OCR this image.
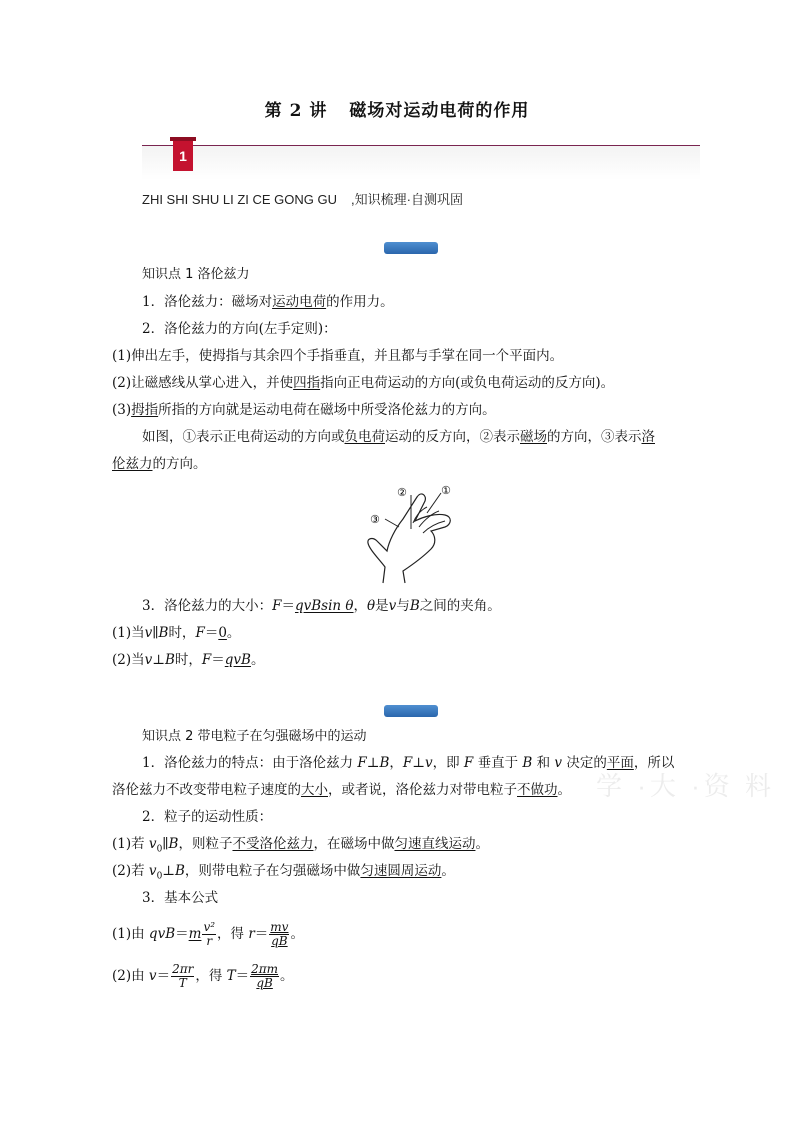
第 2 讲 磁场对运动电荷的作用
1
ZHI SHI SHU LI ZI CE GONG GU ,知识梳理·自测巩固
知识点 1 洛伦兹力
1．洛伦兹力：磁场对运动电荷的作用力。
2．洛伦兹力的方向(左手定则)：
(1)伸出左手，使拇指与其余四个手指垂直，并且都与手掌在同一个平面内。
(2)让磁感线从掌心进入，并使四指指向正电荷运动的方向(或负电荷运动的反方向)。
(3)拇指所指的方向就是运动电荷在磁场中所受洛伦兹力的方向。
如图，①表示正电荷运动的方向或负电荷运动的反方向，②表示磁场的方向，③表示洛
伦兹力的方向。
①
②
③
3．洛伦兹力的大小：F＝qvBsin θ，θ是v与B之间的夹角。
(1)当v∥B时，F＝0。
(2)当v⊥B时，F＝qvB。
知识点 2 带电粒子在匀强磁场中的运动
1．洛伦兹力的特点：由于洛伦兹力 F⊥B，F⊥v，即 F 垂直于 B 和 v 决定的平面，所以
洛伦兹力不改变带电粒子速度的大小，或者说，洛伦兹力对带电粒子不做功。
2．粒子的运动性质：
(1)若 $v_0\parallel B$，则粒子不受洛伦兹力，在磁场中做匀速直线运动。
(2)若 $v_0\perp B$，则带电粒子在匀强磁场中做匀速圆周运动。
3．基本公式
(1)由 $qvB=m \frac{\text{v²}}{r}$ ，得 $r= \frac{mv}{qB}$ 。
(2)由 $v= \frac{2\pi r}{T}$ ，得 $T= \frac{2\pi m}{qB}$ 。
学 ·大 ·资 料
